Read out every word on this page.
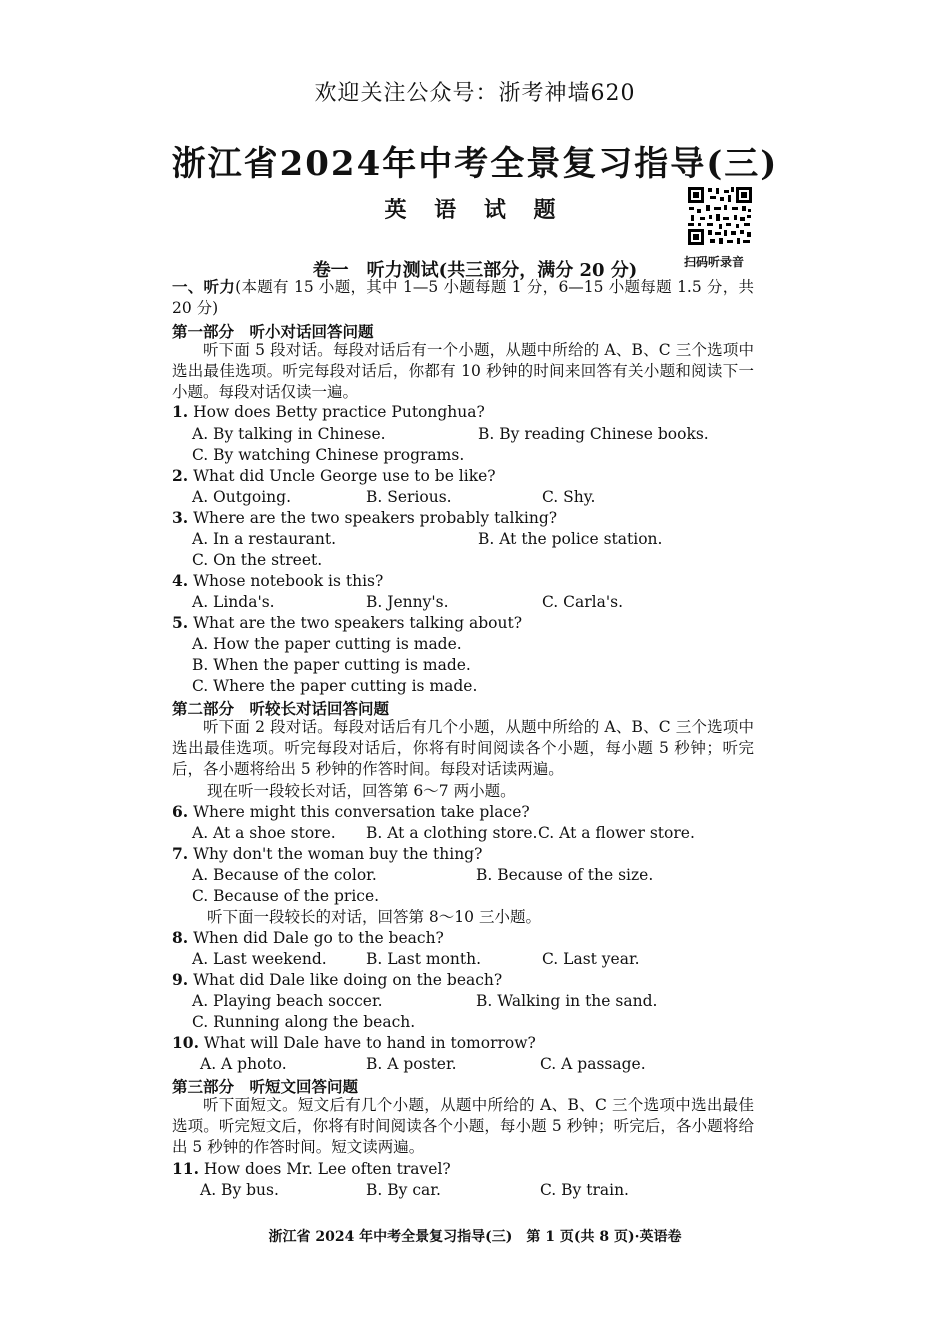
欢迎关注公众号：浙考神墙620
浙江省2024年中考全景复习指导(三)
英 语 试 题
扫码听录音
卷一　听力测试(共三部分，满分 20 分)
一、听力(本题有 15 小题，其中 1—5 小题每题 1 分，6—15 小题每题 1.5 分，共 20 分)
第一部分　听小对话回答问题
听下面 5 段对话。每段对话后有一个小题，从题中所给的 A、B、C 三个选项中选出最佳选项。听完每段对话后，你都有 10 秒钟的时间来回答有关小题和阅读下一小题。每段对话仅读一遍。
1. How does Betty practice Putonghua?
A. By talking in Chinese.	B. By reading Chinese books.
C. By watching Chinese programs.
2. What did Uncle George use to be like?
A. Outgoing.	B. Serious.	C. Shy.
3. Where are the two speakers probably talking?
A. In a restaurant.	B. At the police station.
C. On the street.
4. Whose notebook is this?
A. Linda's.	B. Jenny's.	C. Carla's.
5. What are the two speakers talking about?
A. How the paper cutting is made.
B. When the paper cutting is made.
C. Where the paper cutting is made.
第二部分　听较长对话回答问题
听下面 2 段对话。每段对话后有几个小题，从题中所给的 A、B、C 三个选项中选出最佳选项。听完每段对话后，你将有时间阅读各个小题，每小题 5 秒钟；听完后，各小题将给出 5 秒钟的作答时间。每段对话读两遍。
现在听一段较长对话，回答第 6～7 两小题。
6. Where might this conversation take place?
A. At a shoe store. B. At a clothing store. C. At a flower store.
7. Why don't the woman buy the thing?
A. Because of the color.	B. Because of the size.
C. Because of the price.
听下面一段较长的对话，回答第 8～10 三小题。
8. When did Dale go to the beach?
A. Last weekend.	B. Last month.	C. Last year.
9. What did Dale like doing on the beach?
A. Playing beach soccer.	B. Walking in the sand.
C. Running along the beach.
10. What will Dale have to hand in tomorrow?
A. A photo.	B. A poster.	C. A passage.
第三部分　听短文回答问题
听下面短文。短文后有几个小题，从题中所给的 A、B、C 三个选项中选出最佳选项。听完短文后，你将有时间阅读各个小题，每小题 5 秒钟；听完后，各小题将给出 5 秒钟的作答时间。短文读两遍。
11. How does Mr. Lee often travel?
A. By bus.	B. By car.	C. By train.
浙江省 2024 年中考全景复习指导(三)　第 1 页(共 8 页)·英语卷
